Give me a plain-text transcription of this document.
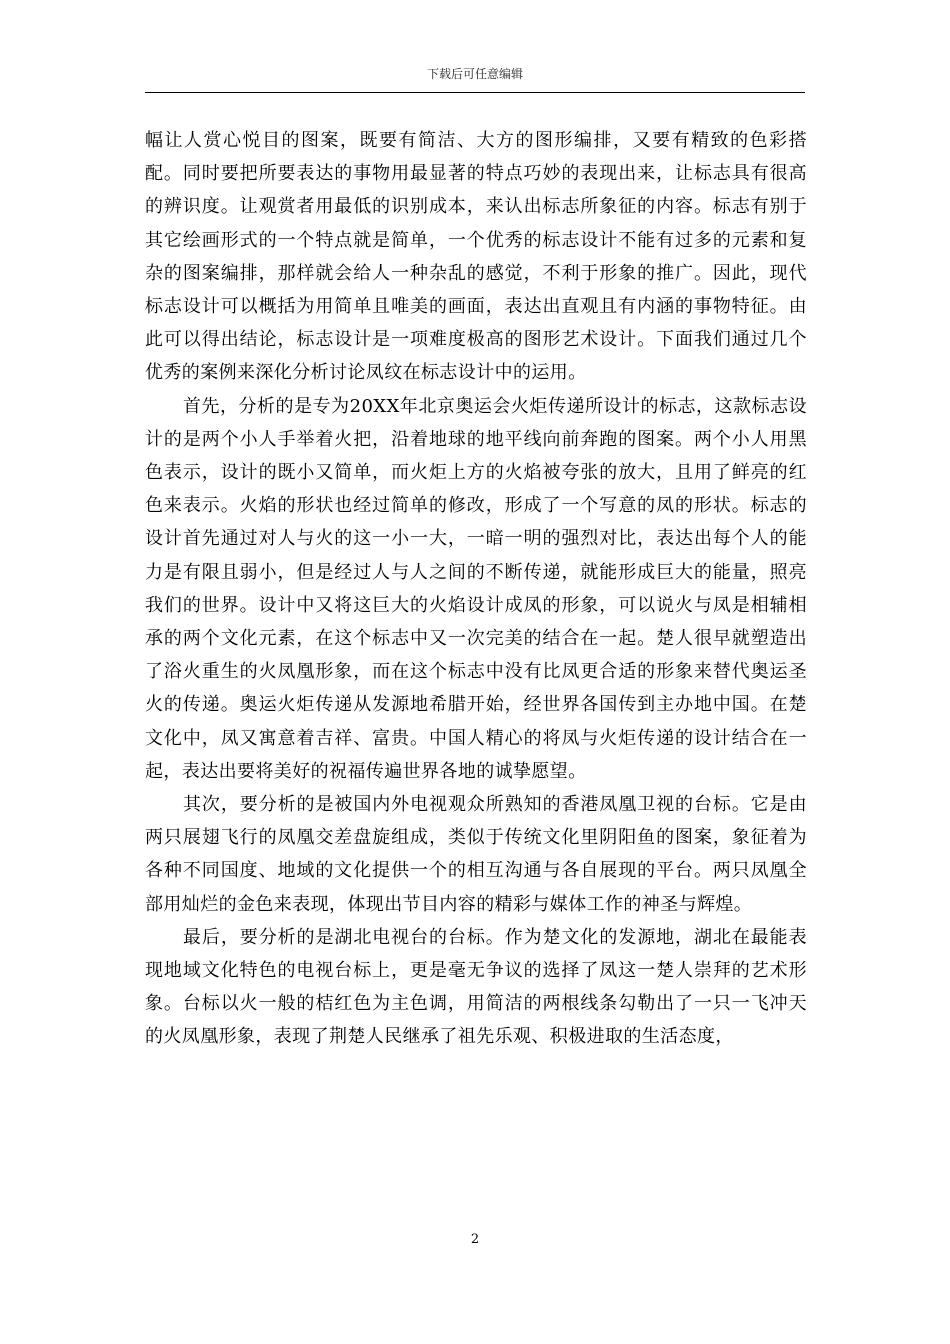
下载后可任意编辑

幅让人赏心悦目的图案，既要有简洁、大方的图形编排，又要有精致的色彩搭配。同时要把所要表达的事物用最显著的特点巧妙的表现出来，让标志具有很高的辨识度。让观赏者用最低的识别成本，来认出标志所象征的内容。标志有别于其它绘画形式的一个特点就是简单，一个优秀的标志设计不能有过多的元素和复杂的图案编排，那样就会给人一种杂乱的感觉，不利于形象的推广。因此，现代标志设计可以概括为用简单且唯美的画面，表达出直观且有内涵的事物特征。由此可以得出结论，标志设计是一项难度极高的图形艺术设计。下面我们通过几个优秀的案例来深化分析讨论凤纹在标志设计中的运用。

首先，分析的是专为20XX年北京奥运会火炬传递所设计的标志，这款标志设计的是两个小人手举着火把，沿着地球的地平线向前奔跑的图案。两个小人用黑色表示，设计的既小又简单，而火炬上方的火焰被夸张的放大，且用了鲜亮的红色来表示。火焰的形状也经过简单的修改，形成了一个写意的凤的形状。标志的设计首先通过对人与火的这一小一大，一暗一明的强烈对比，表达出每个人的能力是有限且弱小，但是经过人与人之间的不断传递，就能形成巨大的能量，照亮我们的世界。设计中又将这巨大的火焰设计成凤的形象，可以说火与凤是相辅相承的两个文化元素，在这个标志中又一次完美的结合在一起。楚人很早就塑造出了浴火重生的火凤凰形象，而在这个标志中没有比凤更合适的形象来替代奥运圣火的传递。奥运火炬传递从发源地希腊开始，经世界各国传到主办地中国。在楚文化中，凤又寓意着吉祥、富贵。中国人精心的将凤与火炬传递的设计结合在一起，表达出要将美好的祝福传遍世界各地的诚挚愿望。

其次，要分析的是被国内外电视观众所熟知的香港凤凰卫视的台标。它是由两只展翅飞行的凤凰交差盘旋组成，类似于传统文化里阴阳鱼的图案，象征着为各种不同国度、地域的文化提供一个的相互沟通与各自展现的平台。两只凤凰全部用灿烂的金色来表现，体现出节目内容的精彩与媒体工作的神圣与辉煌。

最后，要分析的是湖北电视台的台标。作为楚文化的发源地，湖北在最能表现地域文化特色的电视台标上，更是毫无争议的选择了凤这一楚人崇拜的艺术形象。台标以火一般的桔红色为主色调，用简洁的两根线条勾勒出了一只一飞冲天的火凤凰形象，表现了荆楚人民继承了祖先乐观、积极进取的生活态度，

2
